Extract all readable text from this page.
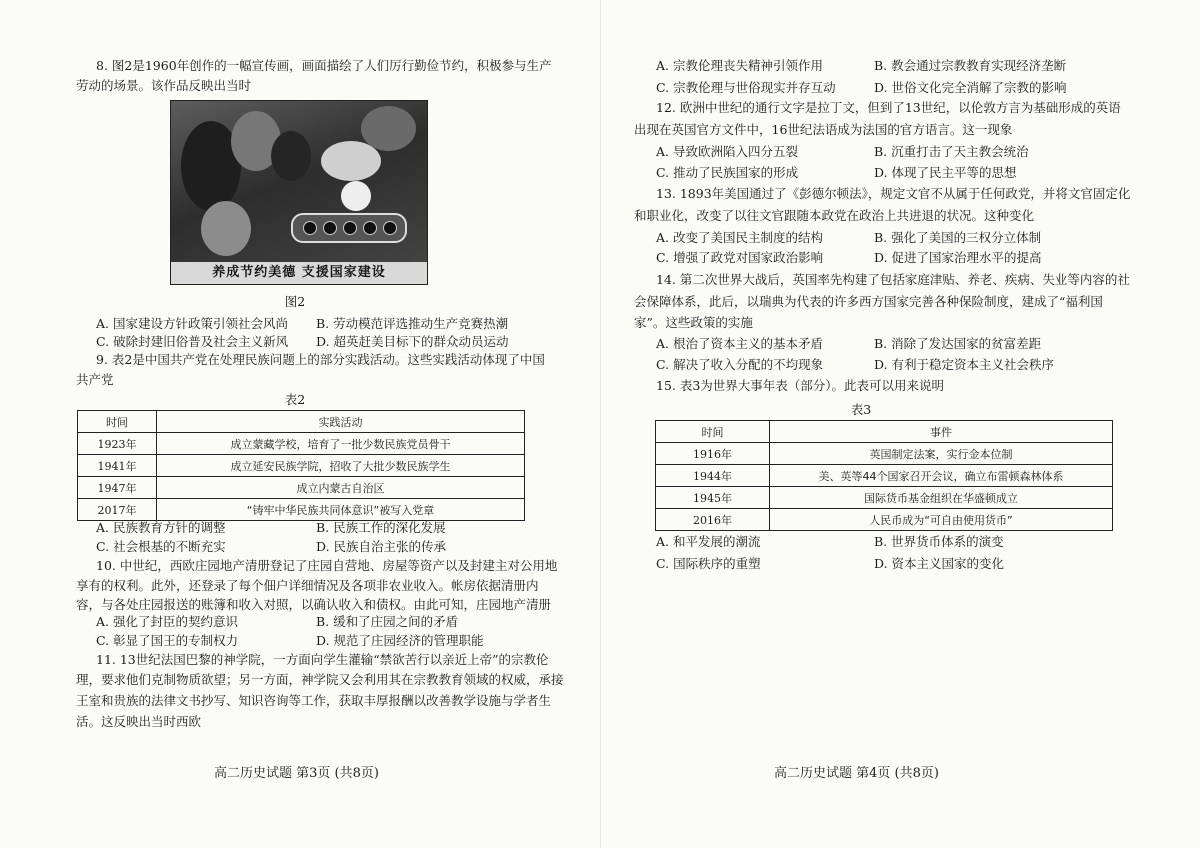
8. 图2是1960年创作的一幅宣传画，画面描绘了人们厉行勤俭节约，积极参与生产
劳动的场景。该作品反映出当时
养成节约美德 支援国家建设
图2
A. 国家建设方针政策引领社会风尚 B. 劳动模范评选推动生产竞赛热潮
C. 破除封建旧俗普及社会主义新风 D. 超英赶美目标下的群众动员运动
9. 表2是中国共产党在处理民族问题上的部分实践活动。这些实践活动体现了中国
共产党
表2
时间	实践活动
1923年	成立蒙藏学校，培育了一批少数民族党员骨干
1941年	成立延安民族学院，招收了大批少数民族学生
1947年	成立内蒙古自治区
2017年	“铸牢中华民族共同体意识”被写入党章
A. 民族教育方针的调整	B. 民族工作的深化发展
C. 社会根基的不断充实	D. 民族自治主张的传承
10. 中世纪，西欧庄园地产清册登记了庄园自营地、房屋等资产以及封建主对公用地
享有的权利。此外，还登录了每个佃户详细情况及各项非农业收入。帐房依据清册内
容，与各处庄园报送的账簿和收入对照，以确认收入和债权。由此可知，庄园地产清册
A. 强化了封臣的契约意识	B. 缓和了庄园之间的矛盾
C. 彰显了国王的专制权力	D. 规范了庄园经济的管理职能
11. 13世纪法国巴黎的神学院，一方面向学生灌输“禁欲苦行以亲近上帝”的宗教伦
理，要求他们克制物质欲望；另一方面，神学院又会利用其在宗教教育领域的权威，承接
王室和贵族的法律文书抄写、知识咨询等工作，获取丰厚报酬以改善教学设施与学者生
活。这反映出当时西欧
高二历史试题 第3页 (共8页)
A. 宗教伦理丧失精神引领作用	B. 教会通过宗教教育实现经济垄断
C. 宗教伦理与世俗现实并存互动	D. 世俗文化完全消解了宗教的影响
12. 欧洲中世纪的通行文字是拉丁文，但到了13世纪，以伦敦方言为基础形成的英语
出现在英国官方文件中，16世纪法语成为法国的官方语言。这一现象
A. 导致欧洲陷入四分五裂	B. 沉重打击了天主教会统治
C. 推动了民族国家的形成	D. 体现了民主平等的思想
13. 1893年美国通过了《彭德尔顿法》，规定文官不从属于任何政党，并将文官固定化
和职业化，改变了以往文官跟随本政党在政治上共进退的状况。这种变化
A. 改变了美国民主制度的结构	B. 强化了美国的三权分立体制
C. 增强了政党对国家政治影响	D. 促进了国家治理水平的提高
14. 第二次世界大战后，英国率先构建了包括家庭津贴、养老、疾病、失业等内容的社
会保障体系，此后，以瑞典为代表的许多西方国家完善各种保险制度，建成了“福利国
家”。这些政策的实施
A. 根治了资本主义的基本矛盾	B. 消除了发达国家的贫富差距
C. 解决了收入分配的不均现象	D. 有利于稳定资本主义社会秩序
15. 表3为世界大事年表（部分）。此表可以用来说明
表3
时间	事件
1916年	英国制定法案，实行金本位制
1944年	美、英等44个国家召开会议，确立布雷顿森林体系
1945年	国际货币基金组织在华盛顿成立
2016年	人民币成为“可自由使用货币”
A. 和平发展的潮流	B. 世界货币体系的演变
C. 国际秩序的重塑	D. 资本主义国家的变化
高二历史试题 第4页 (共8页)
